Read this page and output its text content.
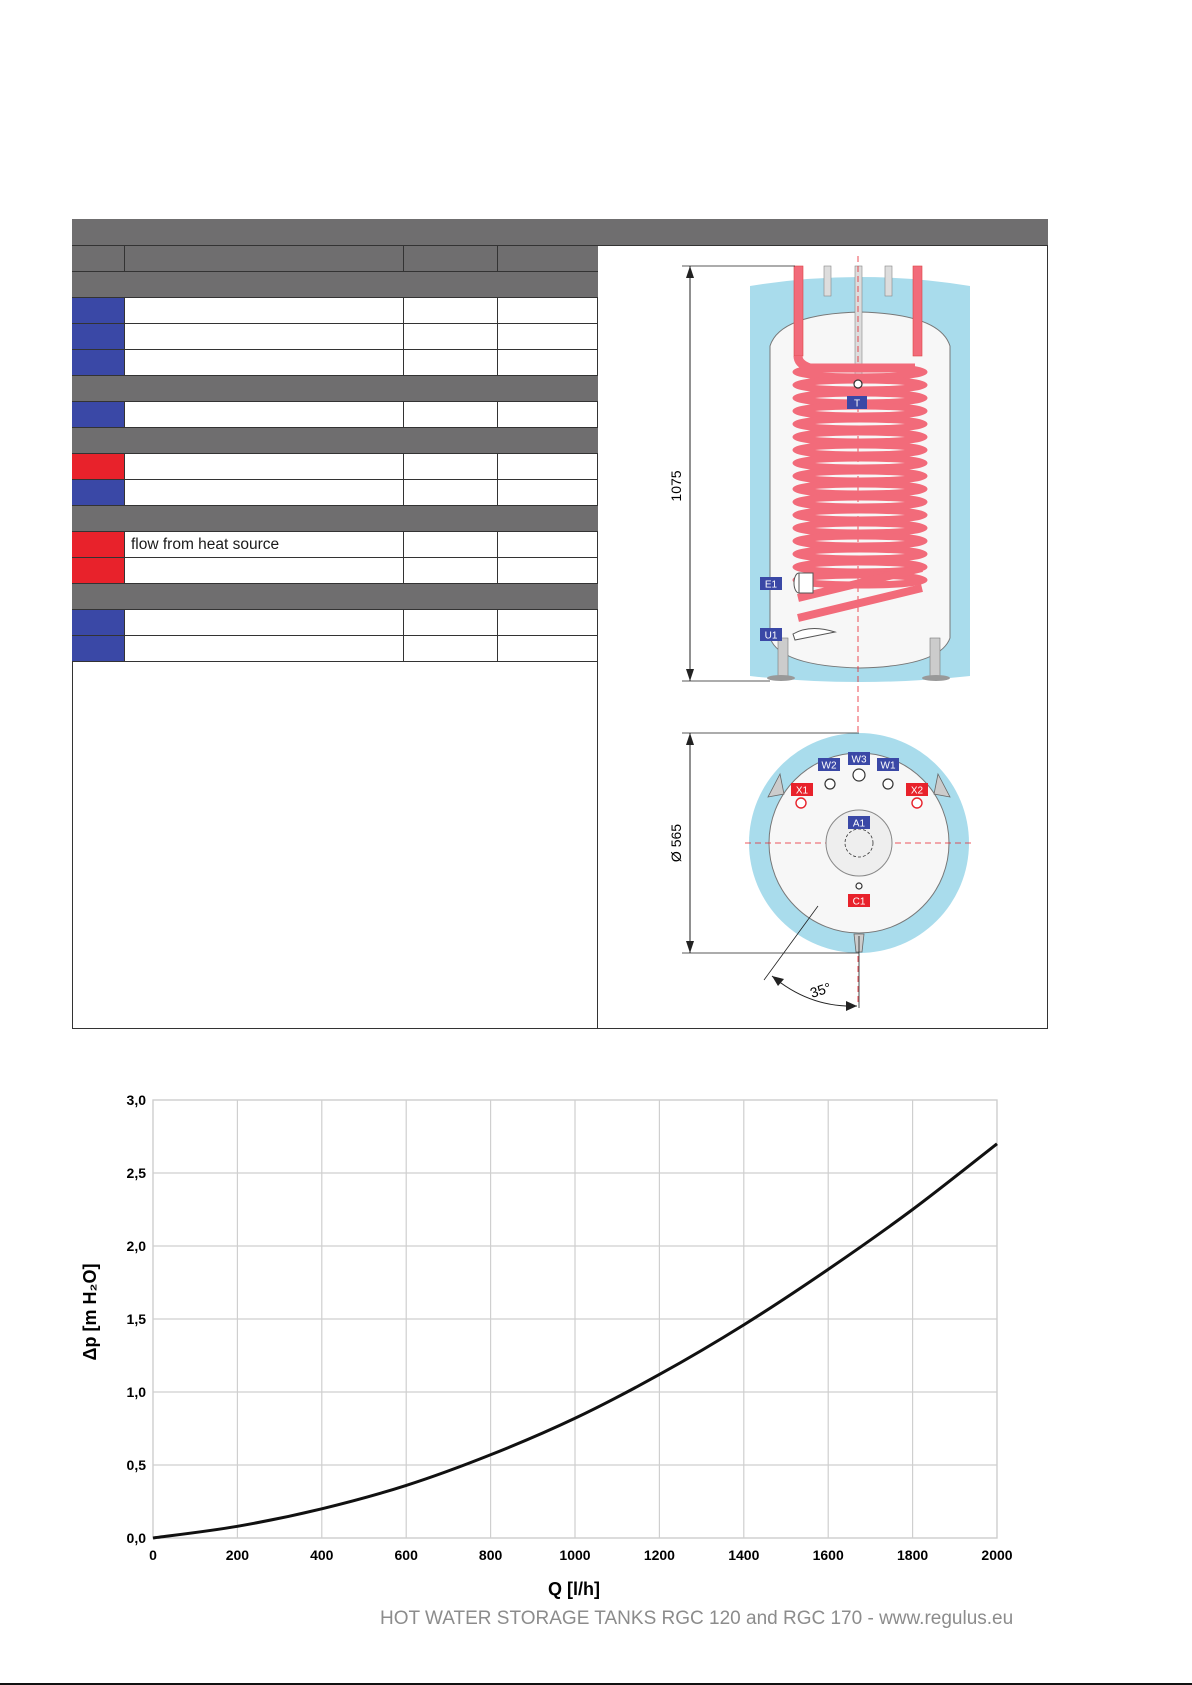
flow from heat source
1075
T
E1
U1
W3
W2	W1
X1	X2
A1
C1
Ø 565
35°
0,0
0,5
1,0
1,5
2,0
2,5
3,0
0	200	400	600	800	1000	1200	1400	1600	1800	2000
Q [l/h]
Δp [m H₂O]
HOT WATER STORAGE TANKS RGC 120 and RGC 170 - www.regulus.eu
